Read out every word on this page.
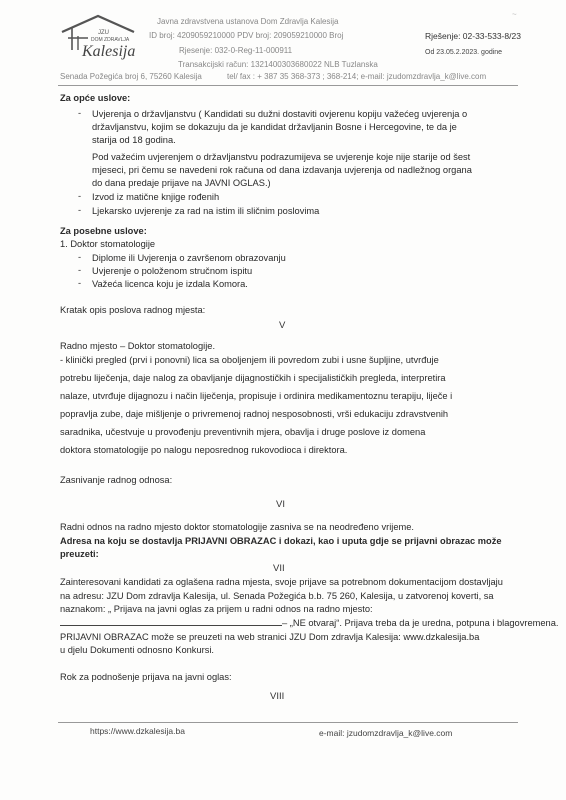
JZU
DOM ZDRAVLJA
Kalesija
Javna zdravstvena ustanova Dom Zdravlja Kalesija
ID broj: 4209059210000 PDV broj: 209059210000 Broj
Rjesenje: 032-0-Reg-11-000911
Transakcijski račun: 1321400303680022 NLB Tuzlanska
Senada Požegića broj 6, 75260 Kalesija	tel/ fax : + 387 35 368-373 ; 368-214; e-mail: jzudomzdravlja_k@live.com
Rješenje: 02-33-533-8/23
Od 23.05.2.2023. godine
~
Za opće uslove:
- Uvjerenja o državljanstvu ( Kandidati su dužni dostaviti ovjerenu kopiju važećeg uvjerenja o
državljanstvu, kojim se dokazuju da je kandidat državljanin Bosne i Hercegovine, te da je
starija od 18 godina.
Pod važećim uvjerenjem o državljanstvu podrazumijeva se uvjerenje koje nije starije od šest
mjeseci, pri čemu se navedeni rok računa od dana izdavanja uvjerenja od nadležnog organa
do dana predaje prijave na JAVNI OGLAS.)
- Izvod iz matične knjige rođenih
- Ljekarsko uvjerenje za rad na istim ili sličnim poslovima
Za posebne uslove:
1. Doktor stomatologije
- Diplome ili Uvjerenja o završenom obrazovanju
- Uvjerenje o položenom stručnom ispitu
- Važeća licenca koju je izdala Komora.
Kratak opis poslova radnog mjesta:
V
Radno mjesto – Doktor stomatologije.
- klinički pregled (prvi i ponovni) lica sa oboljenjem ili povredom zubi i usne šupljine, utvrđuje
potrebu liječenja, daje nalog za obavljanje dijagnostičkih i specijalističkih pregleda, interpretira
nalaze, utvrđuje dijagnozu i način liječenja, propisuje i ordinira medikamentoznu terapiju, liječe i
popravlja zube, daje mišljenje o privremenoj radnoj nesposobnosti, vrši edukaciju zdravstvenih
saradnika, učestvuje u provođenju preventivnih mjera, obavlja i druge poslove iz domena
doktora stomatologije po nalogu neposrednog rukovodioca i direktora.
Zasnivanje radnog odnosa:
VI
Radni odnos na radno mjesto doktor stomatologije zasniva se na neodređeno vrijeme.
Adresa na koju se dostavlja PRIJAVNI OBRAZAC i dokazi, kao i uputa gdje se prijavni obrazac može
preuzeti:
VII
Zainteresovani kandidati za oglašena radna mjesta, svoje prijave sa potrebnom dokumentacijom dostavljaju
na adresu: JZU Dom zdravlja Kalesija, ul. Senada Požegića b.b. 75 260, Kalesija, u zatvorenoj koverti, sa
naznakom: „ Prijava na javni oglas za prijem u radni odnos na radno mjesto:
– „NE otvaraj“. Prijava treba da je uredna, potpuna i blagovremena.
PRIJAVNI OBRAZAC može se preuzeti na web stranici JZU Dom zdravlja Kalesija: www.dzkalesija.ba
u djelu Dokumenti odnosno Konkursi.
Rok za podnošenje prijava na javni oglas:
VIII
https://www.dzkalesija.ba	e-mail: jzudomzdravlja_k@live.com
